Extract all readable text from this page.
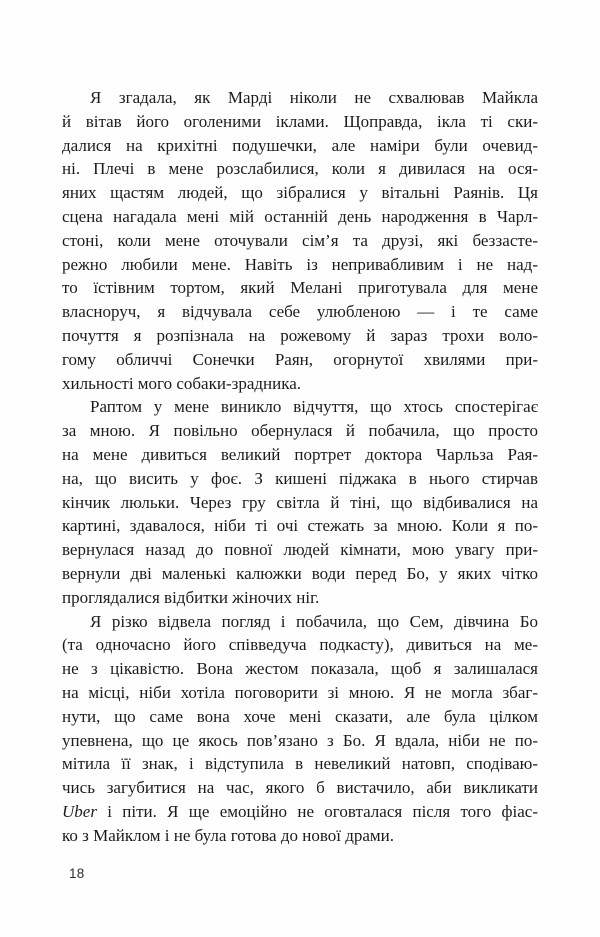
Я згадала, як Марді ніколи не схвалював Майкла
й вітав його оголеними іклами. Щоправда, ікла ті ски-
далися на крихітні подушечки, але наміри були очевид-
ні. Плечі в мене розслабилися, коли я дивилася на ося-
яних щастям людей, що зібралися у вітальні Раянів. Ця
сцена нагадала мені мій останній день народження в Чарл-
стоні, коли мене оточували сім’я та друзі, які беззасте-
режно любили мене. Навіть із непривабливим і не над-
то їстівним тортом, який Мелані приготувала для мене
власноруч, я відчувала себе улюбленою — і те саме
почуття я розпізнала на рожевому й зараз трохи воло-
гому обличчі Сонечки Раян, огорнутої хвилями при-
хильності мого собаки-зрадника.
Раптом у мене виникло відчуття, що хтось спостерігає
за мною. Я повільно обернулася й побачила, що просто
на мене дивиться великий портрет доктора Чарльза Рая-
на, що висить у фоє. З кишені піджака в нього стирчав
кінчик люльки. Через гру світла й тіні, що відбивалися на
картині, здавалося, ніби ті очі стежать за мною. Коли я по-
вернулася назад до повної людей кімнати, мою увагу при-
вернули дві маленькі калюжки води перед Бо, у яких чітко
проглядалися відбитки жіночих ніг.
Я різко відвела погляд і побачила, що Сем, дівчина Бо
(та одночасно його співведуча подкасту), дивиться на ме-
не з цікавістю. Вона жестом показала, щоб я залишалася
на місці, ніби хотіла поговорити зі мною. Я не могла збаг-
нути, що саме вона хоче мені сказати, але була цілком
упевнена, що це якось пов’язано з Бо. Я вдала, ніби не по-
мітила її знак, і відступила в невеликий натовп, сподіваю-
чись загубитися на час, якого б вистачило, аби викликати
Uber і піти. Я ще емоційно не оговталася після того фіас-
ко з Майклом і не була готова до нової драми.
18
